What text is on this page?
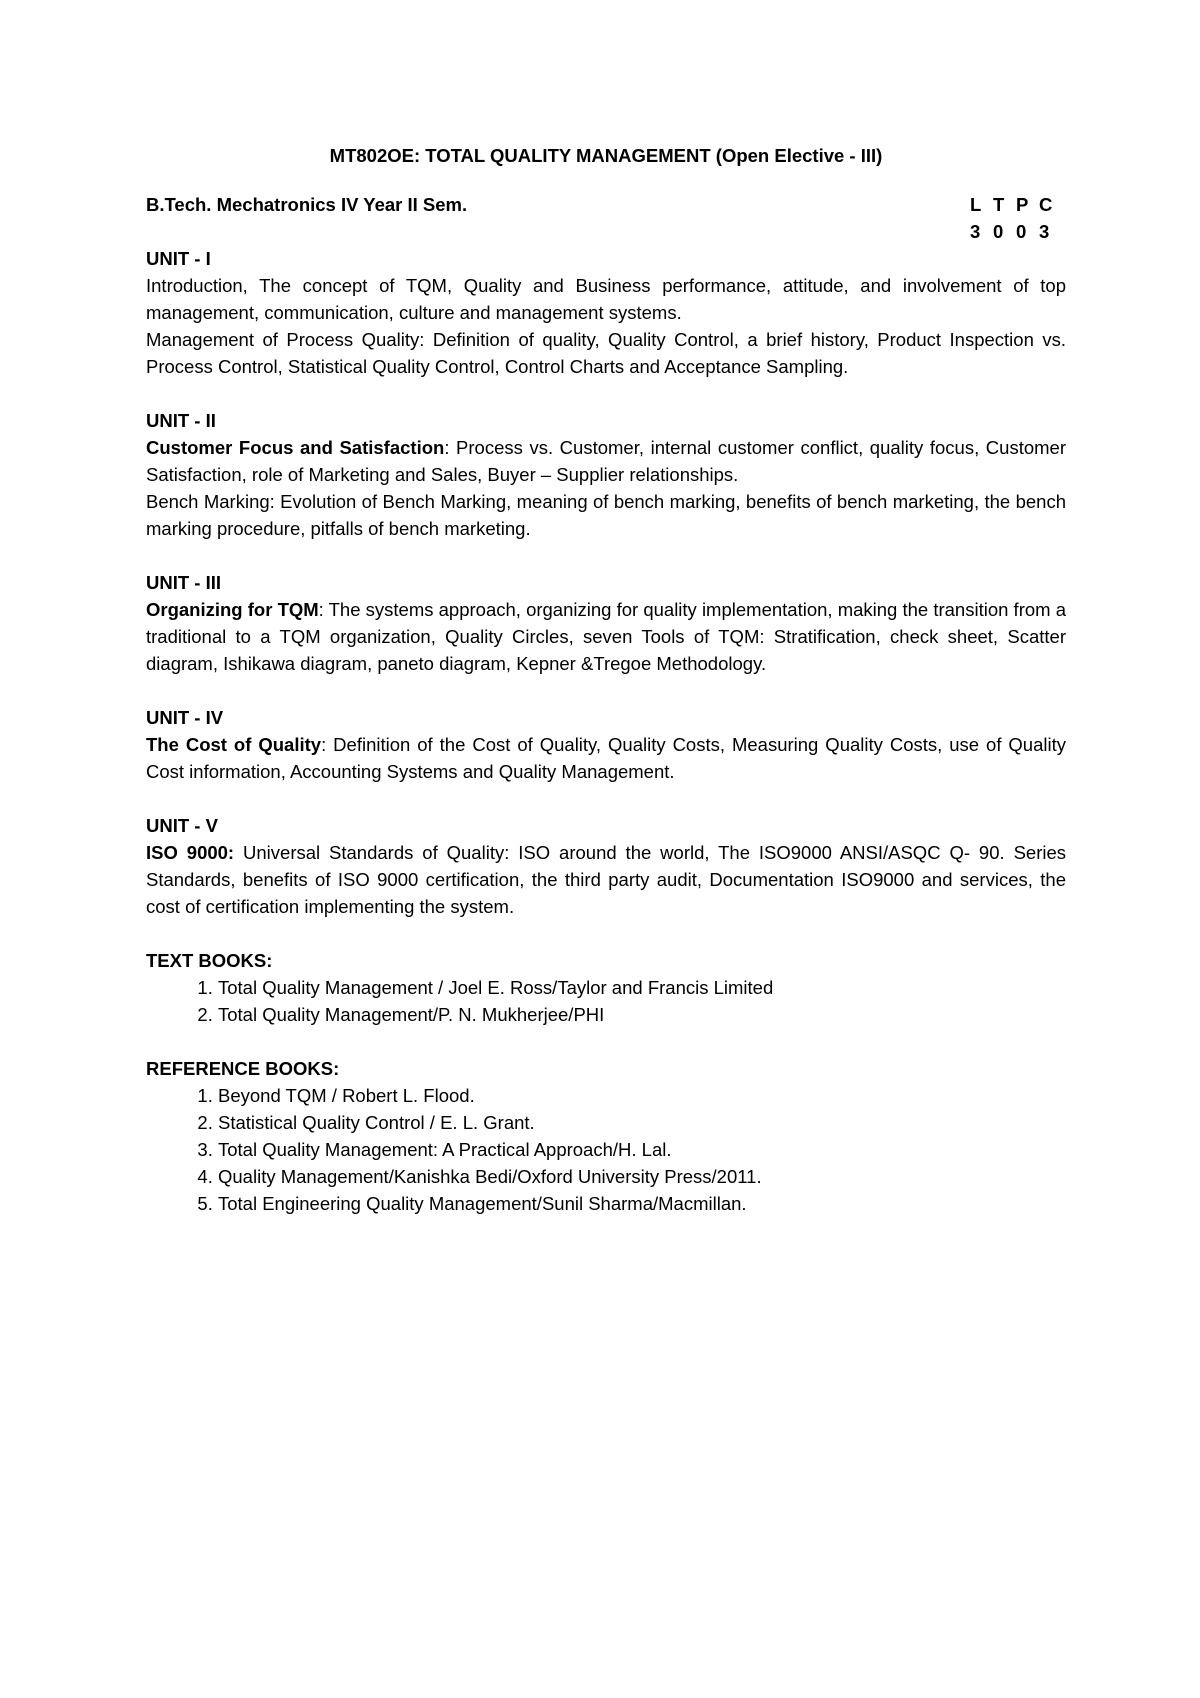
MT802OE: TOTAL QUALITY MANAGEMENT (Open Elective - III)

B.Tech. Mechatronics IV Year II Sem.	L T P C
3 0 0 3

UNIT - I

Introduction, The concept of TQM, Quality and Business performance, attitude, and involvement of top management, communication, culture and management systems.

Management of Process Quality: Definition of quality, Quality Control, a brief history, Product Inspection vs. Process Control, Statistical Quality Control, Control Charts and Acceptance Sampling.

UNIT - II

Customer Focus and Satisfaction: Process vs. Customer, internal customer conflict, quality focus, Customer Satisfaction, role of Marketing and Sales, Buyer – Supplier relationships.

Bench Marking: Evolution of Bench Marking, meaning of bench marking, benefits of bench marketing, the bench marking procedure, pitfalls of bench marketing.

UNIT - III

Organizing for TQM: The systems approach, organizing for quality implementation, making the transition from a traditional to a TQM organization, Quality Circles, seven Tools of TQM: Stratification, check sheet, Scatter diagram, Ishikawa diagram, paneto diagram, Kepner &Tregoe Methodology.

UNIT - IV

The Cost of Quality: Definition of the Cost of Quality, Quality Costs, Measuring Quality Costs, use of Quality Cost information, Accounting Systems and Quality Management.

UNIT - V

ISO 9000: Universal Standards of Quality: ISO around the world, The ISO9000 ANSI/ASQC Q- 90. Series Standards, benefits of ISO 9000 certification, the third party audit, Documentation ISO9000 and services, the cost of certification implementing the system.

TEXT BOOKS:

1. Total Quality Management / Joel E. Ross/Taylor and Francis Limited
2. Total Quality Management/P. N. Mukherjee/PHI

REFERENCE BOOKS:

1. Beyond TQM / Robert L. Flood.
2. Statistical Quality Control / E. L. Grant.
3. Total Quality Management: A Practical Approach/H. Lal.
4. Quality Management/Kanishka Bedi/Oxford University Press/2011.
5. Total Engineering Quality Management/Sunil Sharma/Macmillan.
